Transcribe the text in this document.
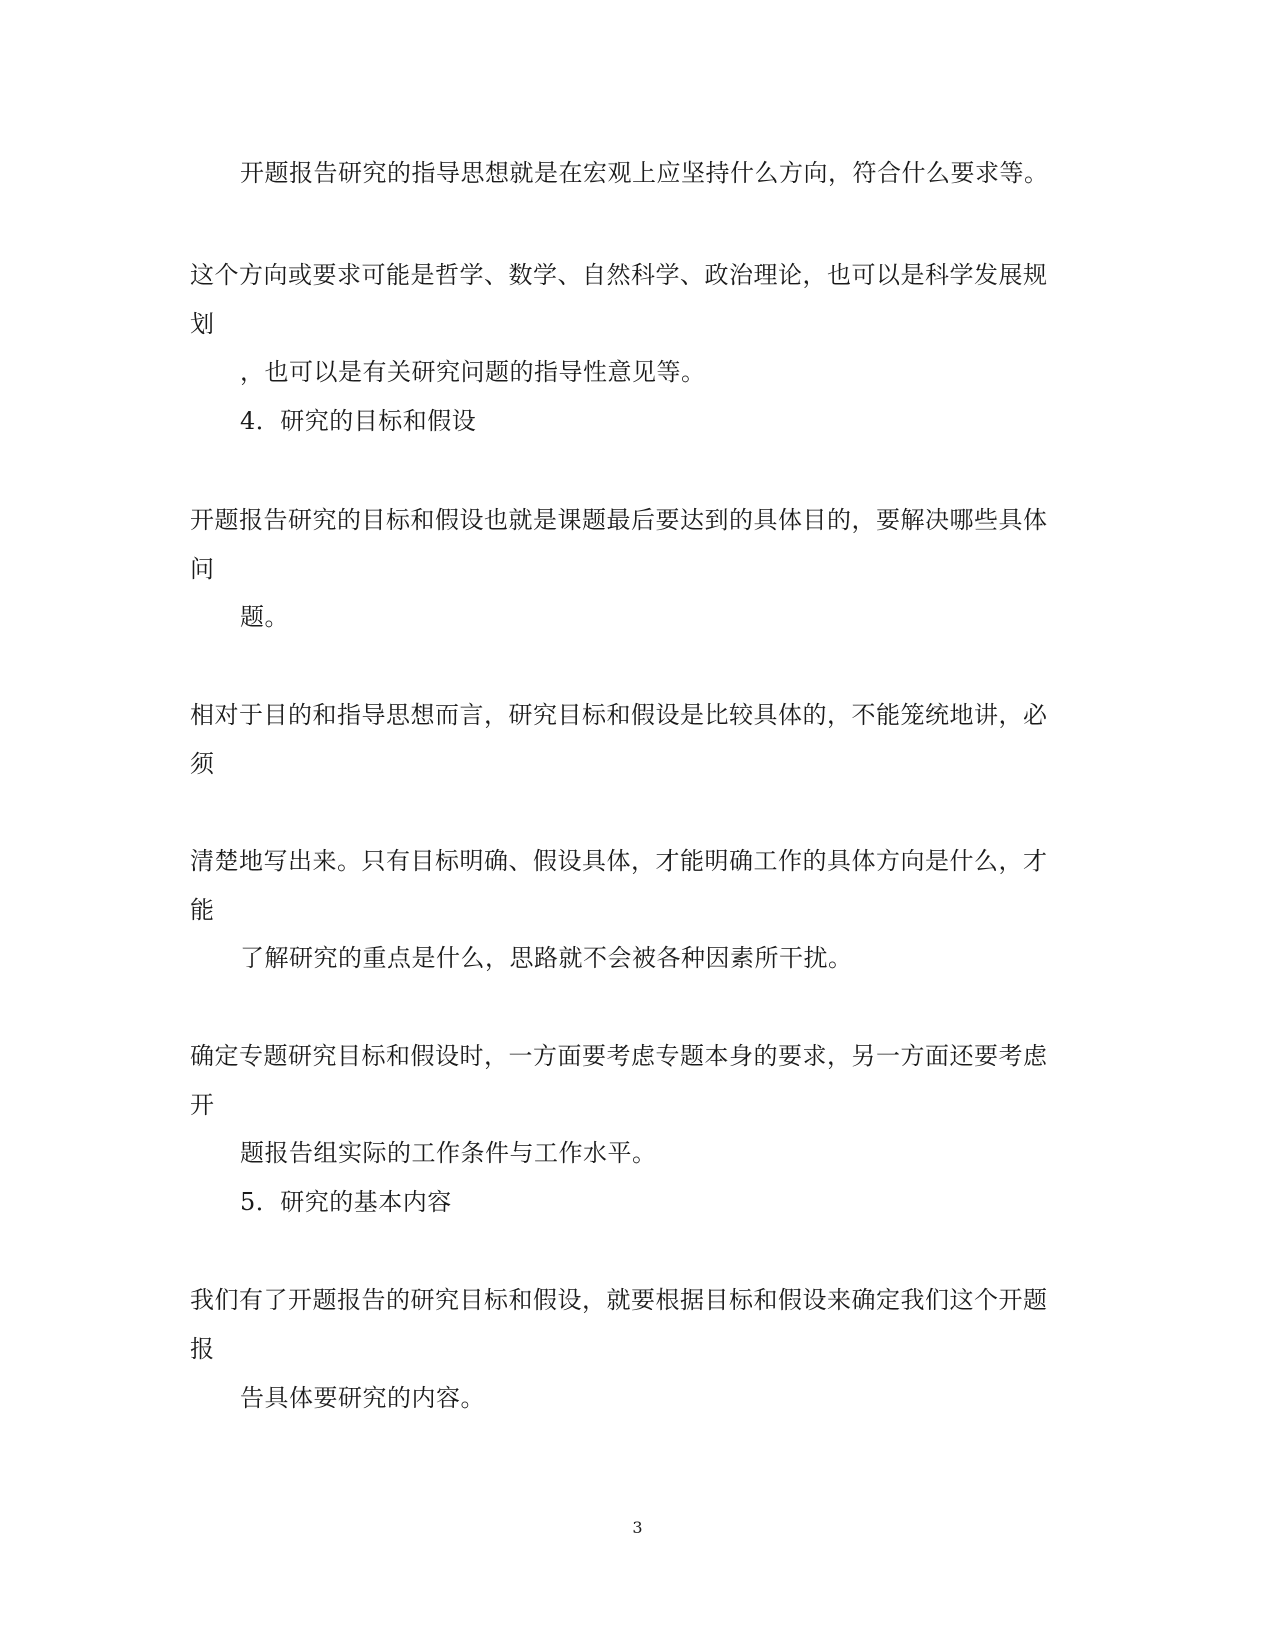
开题报告研究的指导思想就是在宏观上应坚持什么方向，符合什么要求等。
这个方向或要求可能是哲学、数学、自然科学、政治理论，也可以是科学发展规
划
，也可以是有关研究问题的指导性意见等。
4．研究的目标和假设
开题报告研究的目标和假设也就是课题最后要达到的具体目的，要解决哪些具体
问
题。
相对于目的和指导思想而言，研究目标和假设是比较具体的，不能笼统地讲，必
须
清楚地写出来。只有目标明确、假设具体，才能明确工作的具体方向是什么，才
能
了解研究的重点是什么，思路就不会被各种因素所干扰。
确定专题研究目标和假设时，一方面要考虑专题本身的要求，另一方面还要考虑
开
题报告组实际的工作条件与工作水平。
5．研究的基本内容
我们有了开题报告的研究目标和假设，就要根据目标和假设来确定我们这个开题
报
告具体要研究的内容。
3
